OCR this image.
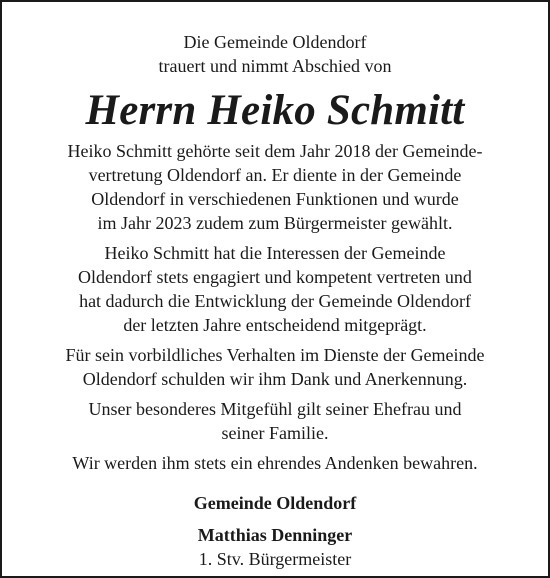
Die Gemeinde Oldendorf

trauert und nimmt Abschied von

Herrn Heiko Schmitt

Heiko Schmitt gehörte seit dem Jahr 2018 der Gemeinde-
vertretung Oldendorf an. Er diente in der Gemeinde
Oldendorf in verschiedenen Funktionen und wurde
im Jahr 2023 zudem zum Bürgermeister gewählt.

Heiko Schmitt hat die Interessen der Gemeinde
Oldendorf stets engagiert und kompetent vertreten und
hat dadurch die Entwicklung der Gemeinde Oldendorf
der letzten Jahre entscheidend mitgeprägt.

Für sein vorbildliches Verhalten im Dienste der Gemeinde
Oldendorf schulden wir ihm Dank und Anerkennung.

Unser besonderes Mitgefühl gilt seiner Ehefrau und
seiner Familie.

Wir werden ihm stets ein ehrendes Andenken bewahren.

Gemeinde Oldendorf

Matthias Denninger

1. Stv. Bürgermeister
